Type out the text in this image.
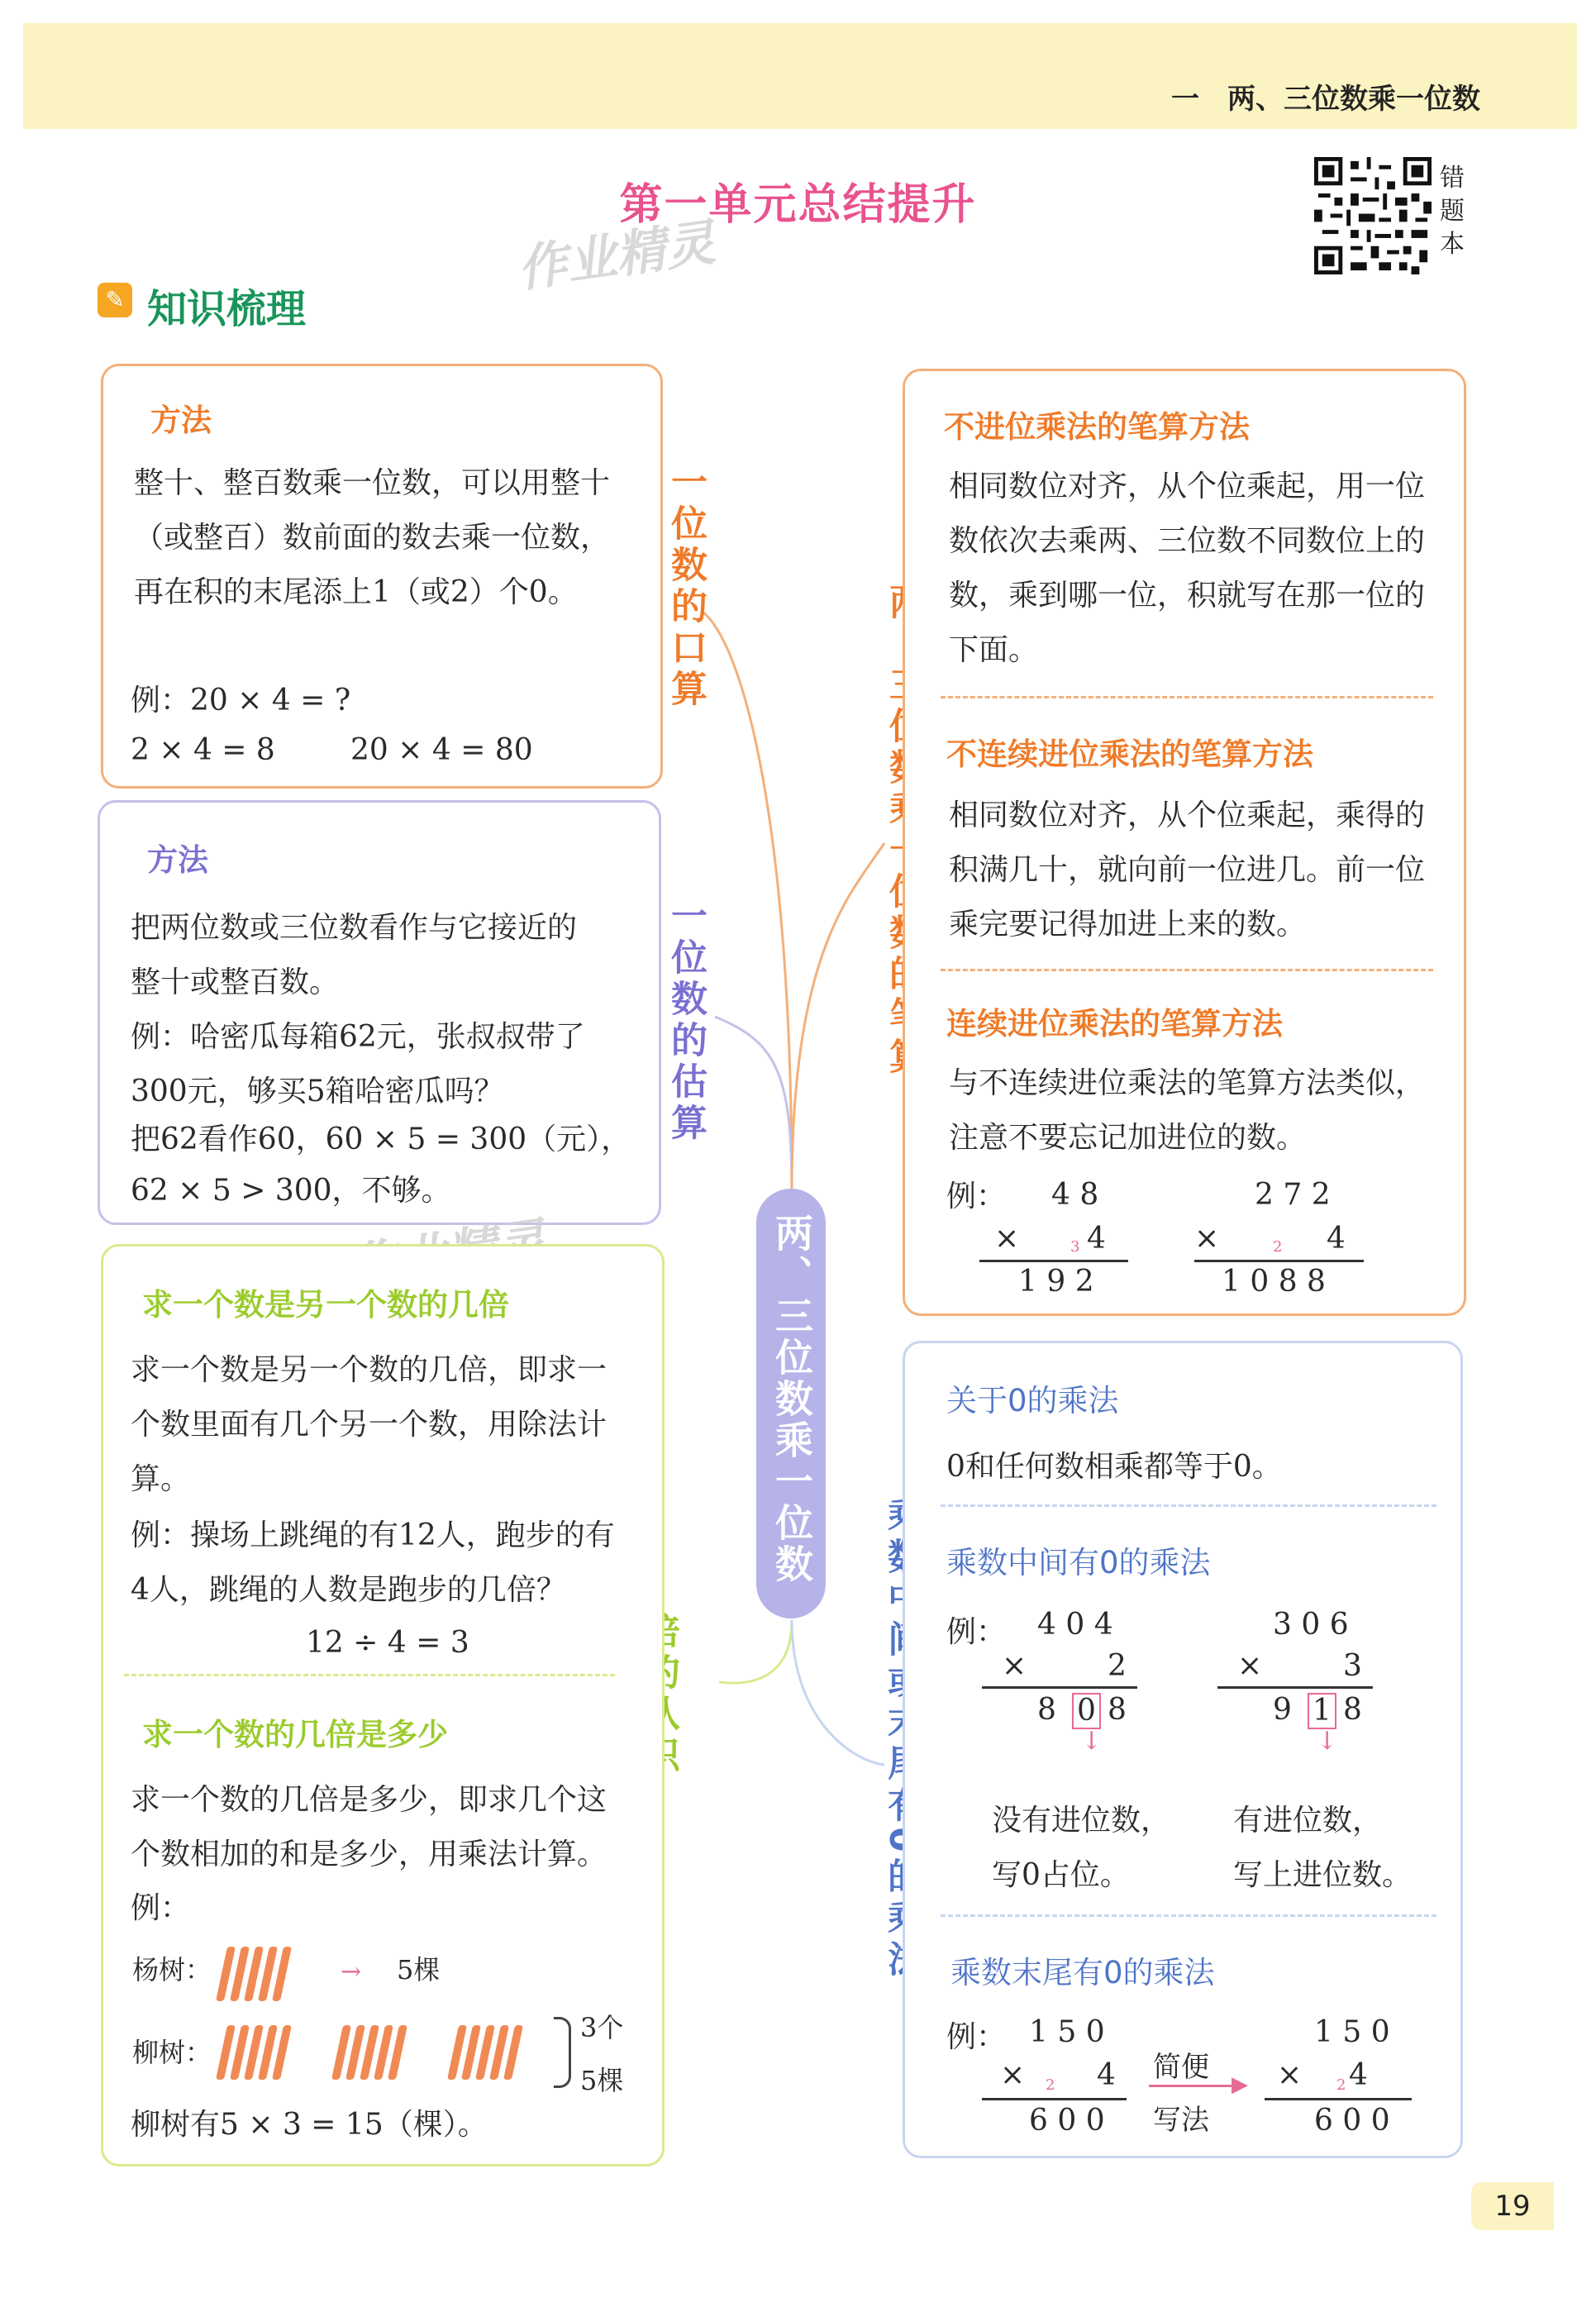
一　两、三位数乘一位数
第一单元总结提升
作业精灵
错题本
✎ 知识梳理
两、三位数乘一位数
一位数的口算
一位数的估算
方法
整十、整百数乘一位数，可以用整十（或整百）数前面的数去乘一位数，再在积的末尾添上1（或2）个0。
例：20 × 4 = ?
2 × 4 = 8	20 × 4 = 80
方法
把两位数或三位数看作与它接近的整十或整百数。
例：哈密瓜每箱62元，张叔叔带了300元，够买5箱哈密瓜吗？
把62看作60，60 × 5 = 300（元），
62 × 5 > 300，不够。
求一个数是另一个数的几倍
求一个数是另一个数的几倍，即求一个数里面有几个另一个数，用除法计算。
例：操场上跳绳的有12人，跑步的有4人，跳绳的人数是跑步的几倍？
12 ÷ 4 = 3
求一个数的几倍是多少
求一个数的几倍是多少，即求几个这个数相加的和是多少，用乘法计算。
例：
杨树：	→ 5棵
柳树：
3个
5棵
柳树有5 × 3 = 15（棵）。
不进位乘法的笔算方法
相同数位对齐，从个位乘起，用一位数依次去乘两、三位数不同数位上的数，乘到哪一位，积就写在那一位的下面。
不连续进位乘法的笔算方法
相同数位对齐，从个位乘起，乘得的积满几十，就向前一位进几。前一位乘完要记得加进上来的数。
连续进位乘法的笔算方法
与不连续进位乘法的笔算方法类似，注意不要忘记加进位的数。
例： 4 8
×	3 4
1 9 2
2 7 2
×	2 4
1 0 8 8
关于0的乘法
0和任何数相乘都等于0。
乘数中间有0的乘法
例： 4 0 4
×	2
8 0 8
↓
没有进位数，
写0占位。
3 0 6
×	3
9 1 8
↓
有进位数，
写上进位数。
乘数末尾有0的乘法
例： 1 5 0
× 2 4
6 0 0
简便
▶
写法
1 5 0
× 2 4
6 0 0
19
